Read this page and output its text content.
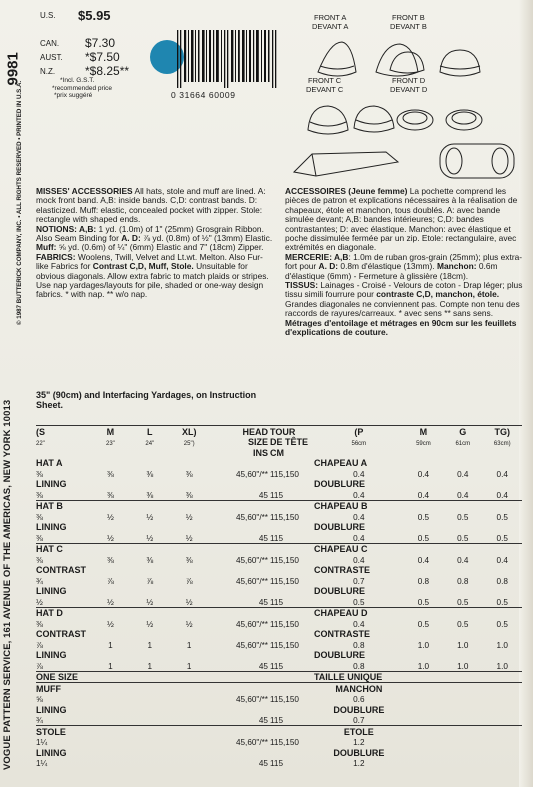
9981
VOGUE PATTERN SERVICE, 161 AVENUE OF THE AMERICAS, NEW YORK 10013
© 1987 BUTTERICK COMPANY, INC. • ALL RIGHTS RESERVED • PRINTED IN U.S.A.
U.S. $5.95
CAN. $7.30
AUST. *$7.50
N.Z. *$8.25**
*Incl. G.S.T.
*recommended price
*prix suggéré	0 31664 60009
FRONT A
DEVANT A
FRONT B
DEVANT B
FRONT C
DEVANT C
FRONT D
DEVANT D

MISSES' ACCESSORIES All hats, stole and muff are lined. A: mock front band. A,B: inside bands. C,D: contrast bands. D: elasticized. Muff: elastic, concealed pocket with zipper. Stole: rectangle with shaped ends.

NOTIONS: A,B: 1 yd. (1.0m) of 1" (25mm) Grosgrain Ribbon. Also Seam Binding for A. D: ⅞ yd. (0.8m) of ½" (13mm) Elastic. Muff: ⅝ yd. (0.6m) of ¼" (6mm) Elastic and 7" (18cm) Zipper.

FABRICS: Woolens, Twill, Velvet and Lt.wt. Melton. Also Fur-like Fabrics for Contrast C,D, Muff, Stole. Unsuitable for obvious diagonals. Allow extra fabric to match plaids or stripes. Use nap yardages/layouts for pile, shaded or one-way design fabrics. * with nap. ** w/o nap.

35" (90cm) and Interfacing Yardages, on Instruction Sheet.

ACCESSOIRES (Jeune femme) La pochette comprend les pièces de patron et explications nécessaires à la réalisation de chapeaux, étole et manchon, tous doublés. A: avec bande simulée devant; A,B: bandes intérieures; C,D: bandes contrastantes; D: avec élastique. Manchon: avec élastique et poche dissimulée fermée par un zip. Etole: rectangulaire, avec extrémités en diagonale.

MERCERIE: A,B: 1.0m de ruban gros-grain (25mm); plus extra-fort pour A. D: 0.8m d'élastique (13mm). Manchon: 0.6m d'élastique (6mm) - Fermeture à glissière (18cm).

TISSUS: Lainages - Croisé - Velours de coton - Drap léger; plus tissu simili fourrure pour contraste C,D, manchon, étole. Grandes diagonales ne conviennent pas. Compte non tenu des raccords de rayures/carreaux. * avec sens ** sans sens.

Métrages d'entoilage et métrages en 90cm sur les feuillets d'explications de couture.

(S	M	L	XL)	HEAD	TOUR	(P	M	G	TG)
22"	23"	24"	25")	SIZE	DE TÊTE	56cm	59cm	61cm	63cm)
				INS	CM				
HAT A						CHAPEAU A			
⅜	⅜	⅜	⅜	45,60"/**	115,150	0.4	0.4	0.4	0.4
LINING						DOUBLURE			
⅜	⅜	⅜	⅜	45	115	0.4	0.4	0.4	0.4
HAT B						CHAPEAU B			
⅜	½	½	½	45,60"/**	115,150	0.4	0.5	0.5	0.5
LINING						DOUBLURE			
⅜	½	½	½	45	115	0.4	0.5	0.5	0.5
HAT C						CHAPEAU C			
⅜	⅜	⅜	⅜	45,60"/**	115,150	0.4	0.4	0.4	0.4
CONTRAST						CONTRASTE			
¾	⅞	⅞	⅞	45,60"/**	115,150	0.7	0.8	0.8	0.8
LINING						DOUBLURE			
½	½	½	½	45	115	0.5	0.5	0.5	0.5
HAT D						CHAPEAU D			
⅜	½	½	½	45,60"/**	115,150	0.4	0.5	0.5	0.5
CONTRAST						CONTRASTE			
⅞	1	1	1	45,60"/**	115,150	0.8	1.0	1.0	1.0
LINING						DOUBLURE			
⅞	1	1	1	45	115	0.8	1.0	1.0	1.0
ONE SIZE						TAILLE UNIQUE			
MUFF						MANCHON			
⅝				45,60"/**	115,150	0.6			
LINING						DOUBLURE			
¾				45	115	0.7			
STOLE						ETOLE			
1¼				45,60"/**	115,150	1.2			
LINING						DOUBLURE			
1¼				45	115	1.2			
